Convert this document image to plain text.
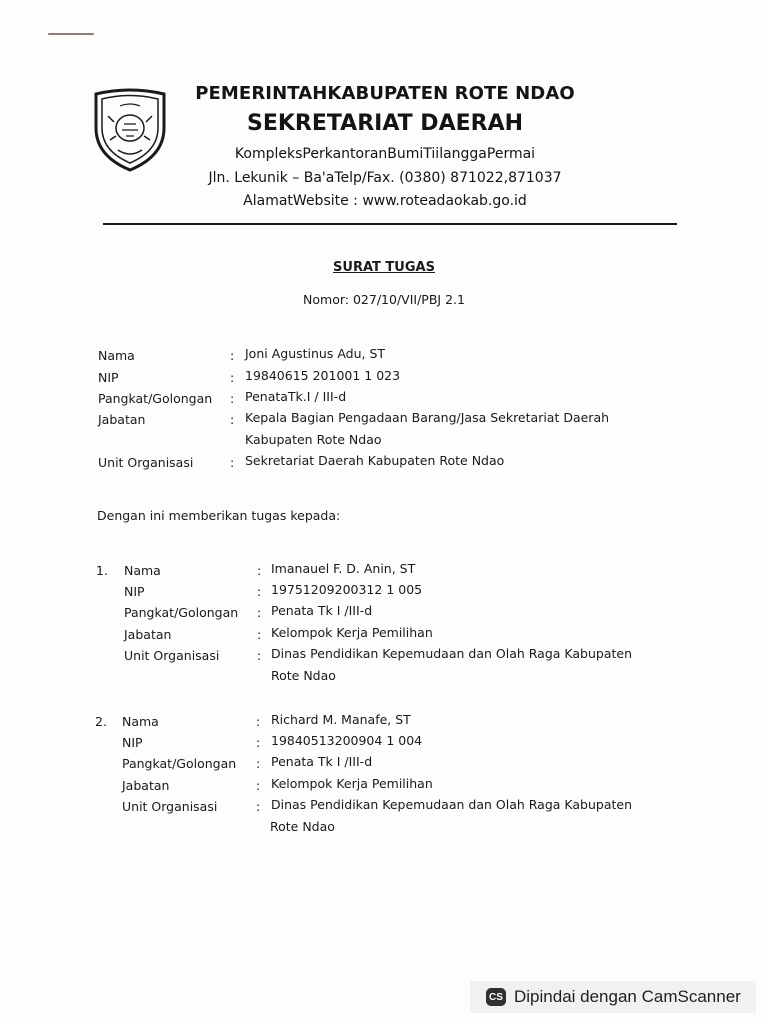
PEMERINTAHKABUPATEN ROTE NDAO
SEKRETARIAT DAERAH
KompleksPerkantoranBumiTiilanggaPermai
Jln. Lekunik – Ba'aTelp/Fax. (0380) 871022,871037
AlamatWebsite : www.roteadaokab.go.id
SURAT TUGAS
Nomor: 027/10/VII/PBJ 2.1
Nama	: Joni Agustinus Adu, ST
NIP	: 19840615 201001 1 023
Pangkat/Golongan : PenataTk.I / III-d
Jabatan	: Kepala Bagian Pengadaan Barang/Jasa Sekretariat Daerah
Kabupaten Rote Ndao
Unit Organisasi	: Sekretariat Daerah Kabupaten Rote Ndao
Dengan ini memberikan tugas kepada:
1. Nama	: Imanauel F. D. Anin, ST
NIP	: 19751209200312 1 005
Pangkat/Golongan : Penata Tk I /III-d
Jabatan	: Kelompok Kerja Pemilihan
Unit Organisasi	: Dinas Pendidikan Kepemudaan dan Olah Raga Kabupaten
Rote Ndao
2. Nama	: Richard M. Manafe, ST
NIP	: 19840513200904 1 004
Pangkat/Golongan : Penata Tk I /III-d
Jabatan	: Kelompok Kerja Pemilihan
Unit Organisasi	: Dinas Pendidikan Kepemudaan dan Olah Raga Kabupaten
Rote Ndao
CS Dipindai dengan CamScanner
